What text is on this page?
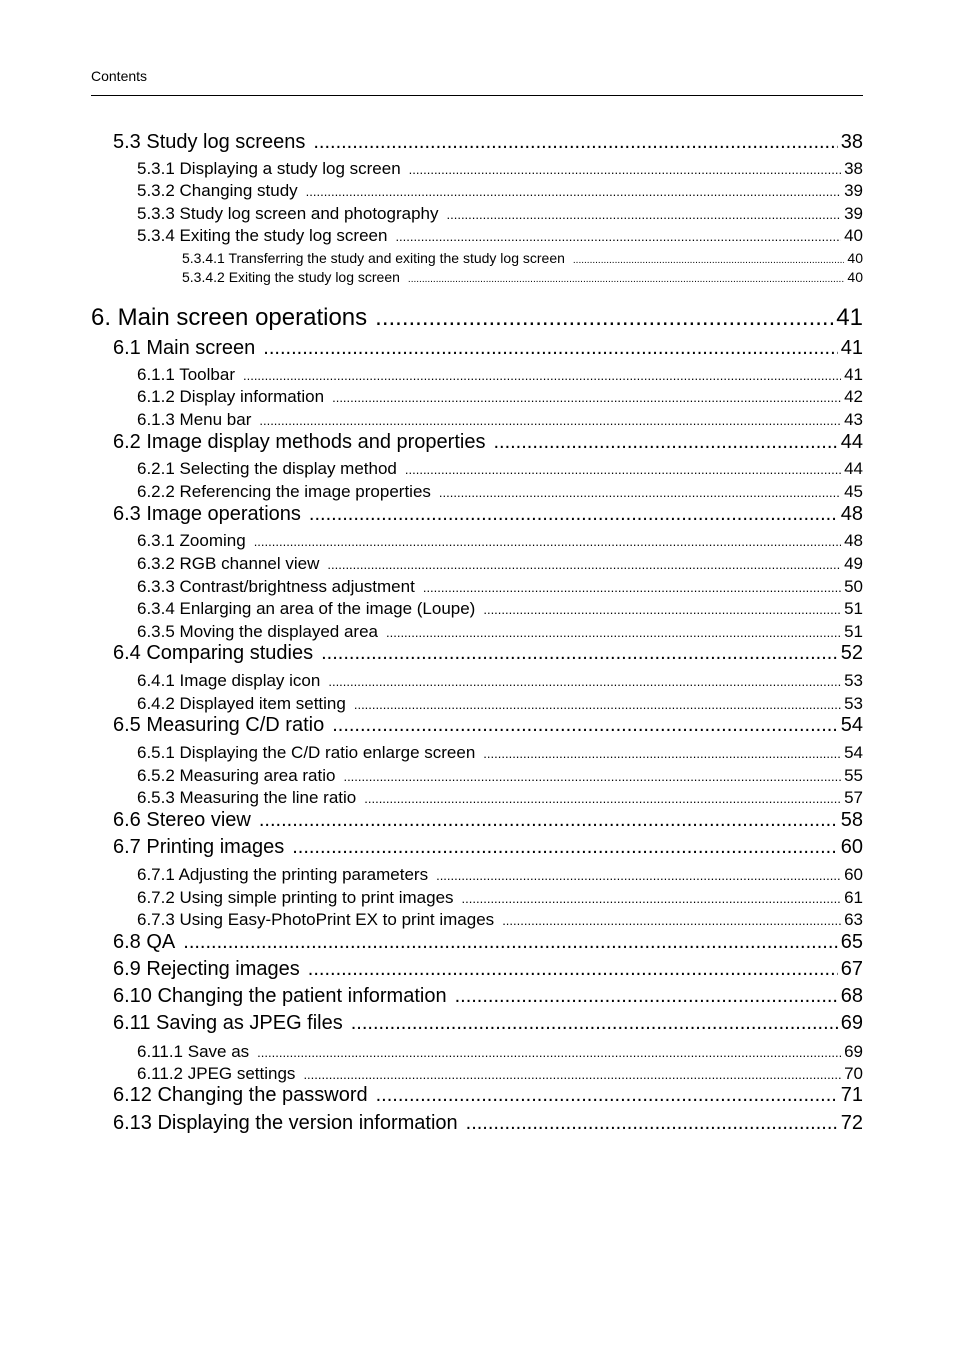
Contents
5.3 Study log screens .....	38
5.3.1 Displaying a study log screen .....	38
5.3.2 Changing study .....	39
5.3.3 Study log screen and photography .....	39
5.3.4 Exiting the study log screen .....	40
5.3.4.1 Transferring the study and exiting the study log screen .....	40
5.3.4.2 Exiting the study log screen .....	40
6. Main screen operations .....	41
6.1 Main screen .....	41
6.1.1 Toolbar .....	41
6.1.2 Display information .....	42
6.1.3 Menu bar .....	43
6.2 Image display methods and properties .....	44
6.2.1 Selecting the display method .....	44
6.2.2 Referencing the image properties .....	45
6.3 Image operations .....	48
6.3.1 Zooming .....	48
6.3.2 RGB channel view .....	49
6.3.3 Contrast/brightness adjustment .....	50
6.3.4 Enlarging an area of the image (Loupe) .....	51
6.3.5 Moving the displayed area .....	51
6.4 Comparing studies .....	52
6.4.1 Image display icon .....	53
6.4.2 Displayed item setting .....	53
6.5 Measuring C/D ratio .....	54
6.5.1 Displaying the C/D ratio enlarge screen .....	54
6.5.2 Measuring area ratio .....	55
6.5.3 Measuring the line ratio .....	57
6.6 Stereo view .....	58
6.7 Printing images .....	60
6.7.1 Adjusting the printing parameters .....	60
6.7.2 Using simple printing to print images .....	61
6.7.3 Using Easy-PhotoPrint EX to print images .....	63
6.8 QA .....	65
6.9 Rejecting images .....	67
6.10 Changing the patient information .....	68
6.11 Saving as JPEG files .....	69
6.11.1 Save as .....	69
6.11.2 JPEG settings .....	70
6.12 Changing the password .....	71
6.13 Displaying the version information .....	72
